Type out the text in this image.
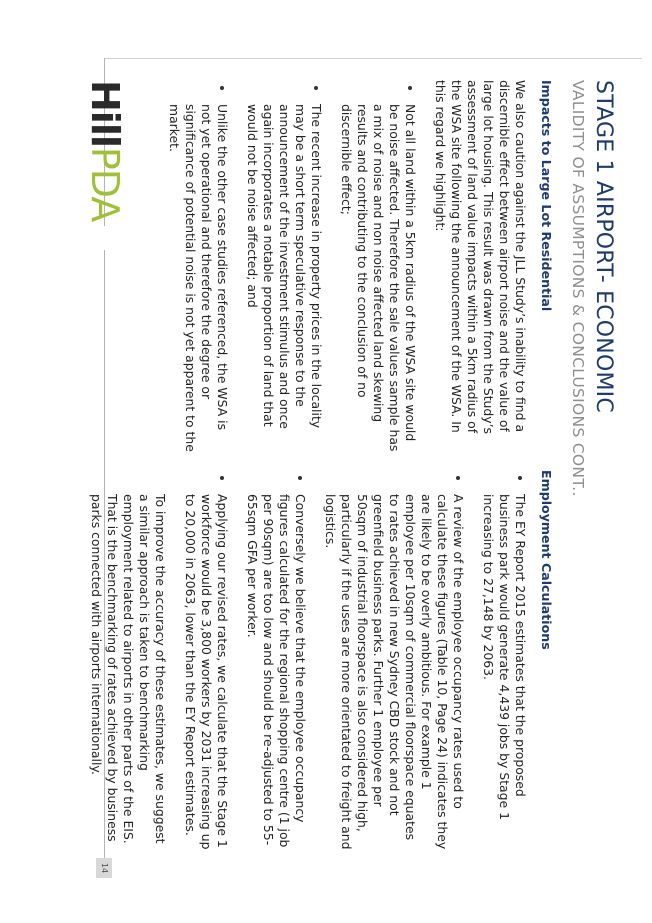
STAGE 1 AIRPORT- ECONOMIC
VALIDITY OF ASSUMPTIONS & CONCLUSIONS CONT..
Impacts to Large Lot Residential
We also caution against the JLL Study’s inability to find a discernible effect between airport noise and the value of large lot housing. This result was drawn from the Study’s assessment of land value impacts within a 5km radius of the WSA site following the announcement of the WSA. In this regard we highlight:
Not all land within a 5km radius of the WSA site would be noise affected. Therefore the sale values sample has a mix of noise and non noise affected land skewing results and contributing to the conclusion of no discernible effect;
The recent increase in property prices in the locality may be a short term speculative response to the announcement of the investment stimulus and once again incorporates a notable proportion of land that would not be noise affected; and
Unlike the other case studies referenced, the WSA is not yet operational and therefore the degree or significance of potential noise is not yet apparent to the market.
Employment Calculations
The EY Report 2015 estimates that the proposed business park would generate 4,439 jobs by Stage 1 increasing to 27,148 by 2063.
A review of the employee occupancy rates used to calculate these figures (Table 10, Page 24) indicates they are likely to be overly ambitious. For example 1 employee per 10sqm of commercial floorspace equates to rates achieved in new Sydney CBD stock and not greenfield business parks. Further 1 employee per 50sqm of industrial floorspace is also considered high, particularly if the uses are more orientated to freight and logistics.
Conversely we believe that the employee occupancy figures calculated for the regional shopping centre (1 job per 90sqm) are too low and should be re-adjusted to 55-65sqm GFA per worker.
Applying our revised rates, we calculate that the Stage 1 workforce would be 3,800 workers by 2031 increasing up to 20,000 in 2063, lower than the EY Report estimates.
To improve the accuracy of these estimates, we suggest a similar approach is taken to benchmarking employment related to airports in other parts of the EIS. That is the benchmarking of rates achieved by business parks connected with airports internationally.
HillPDA
14
